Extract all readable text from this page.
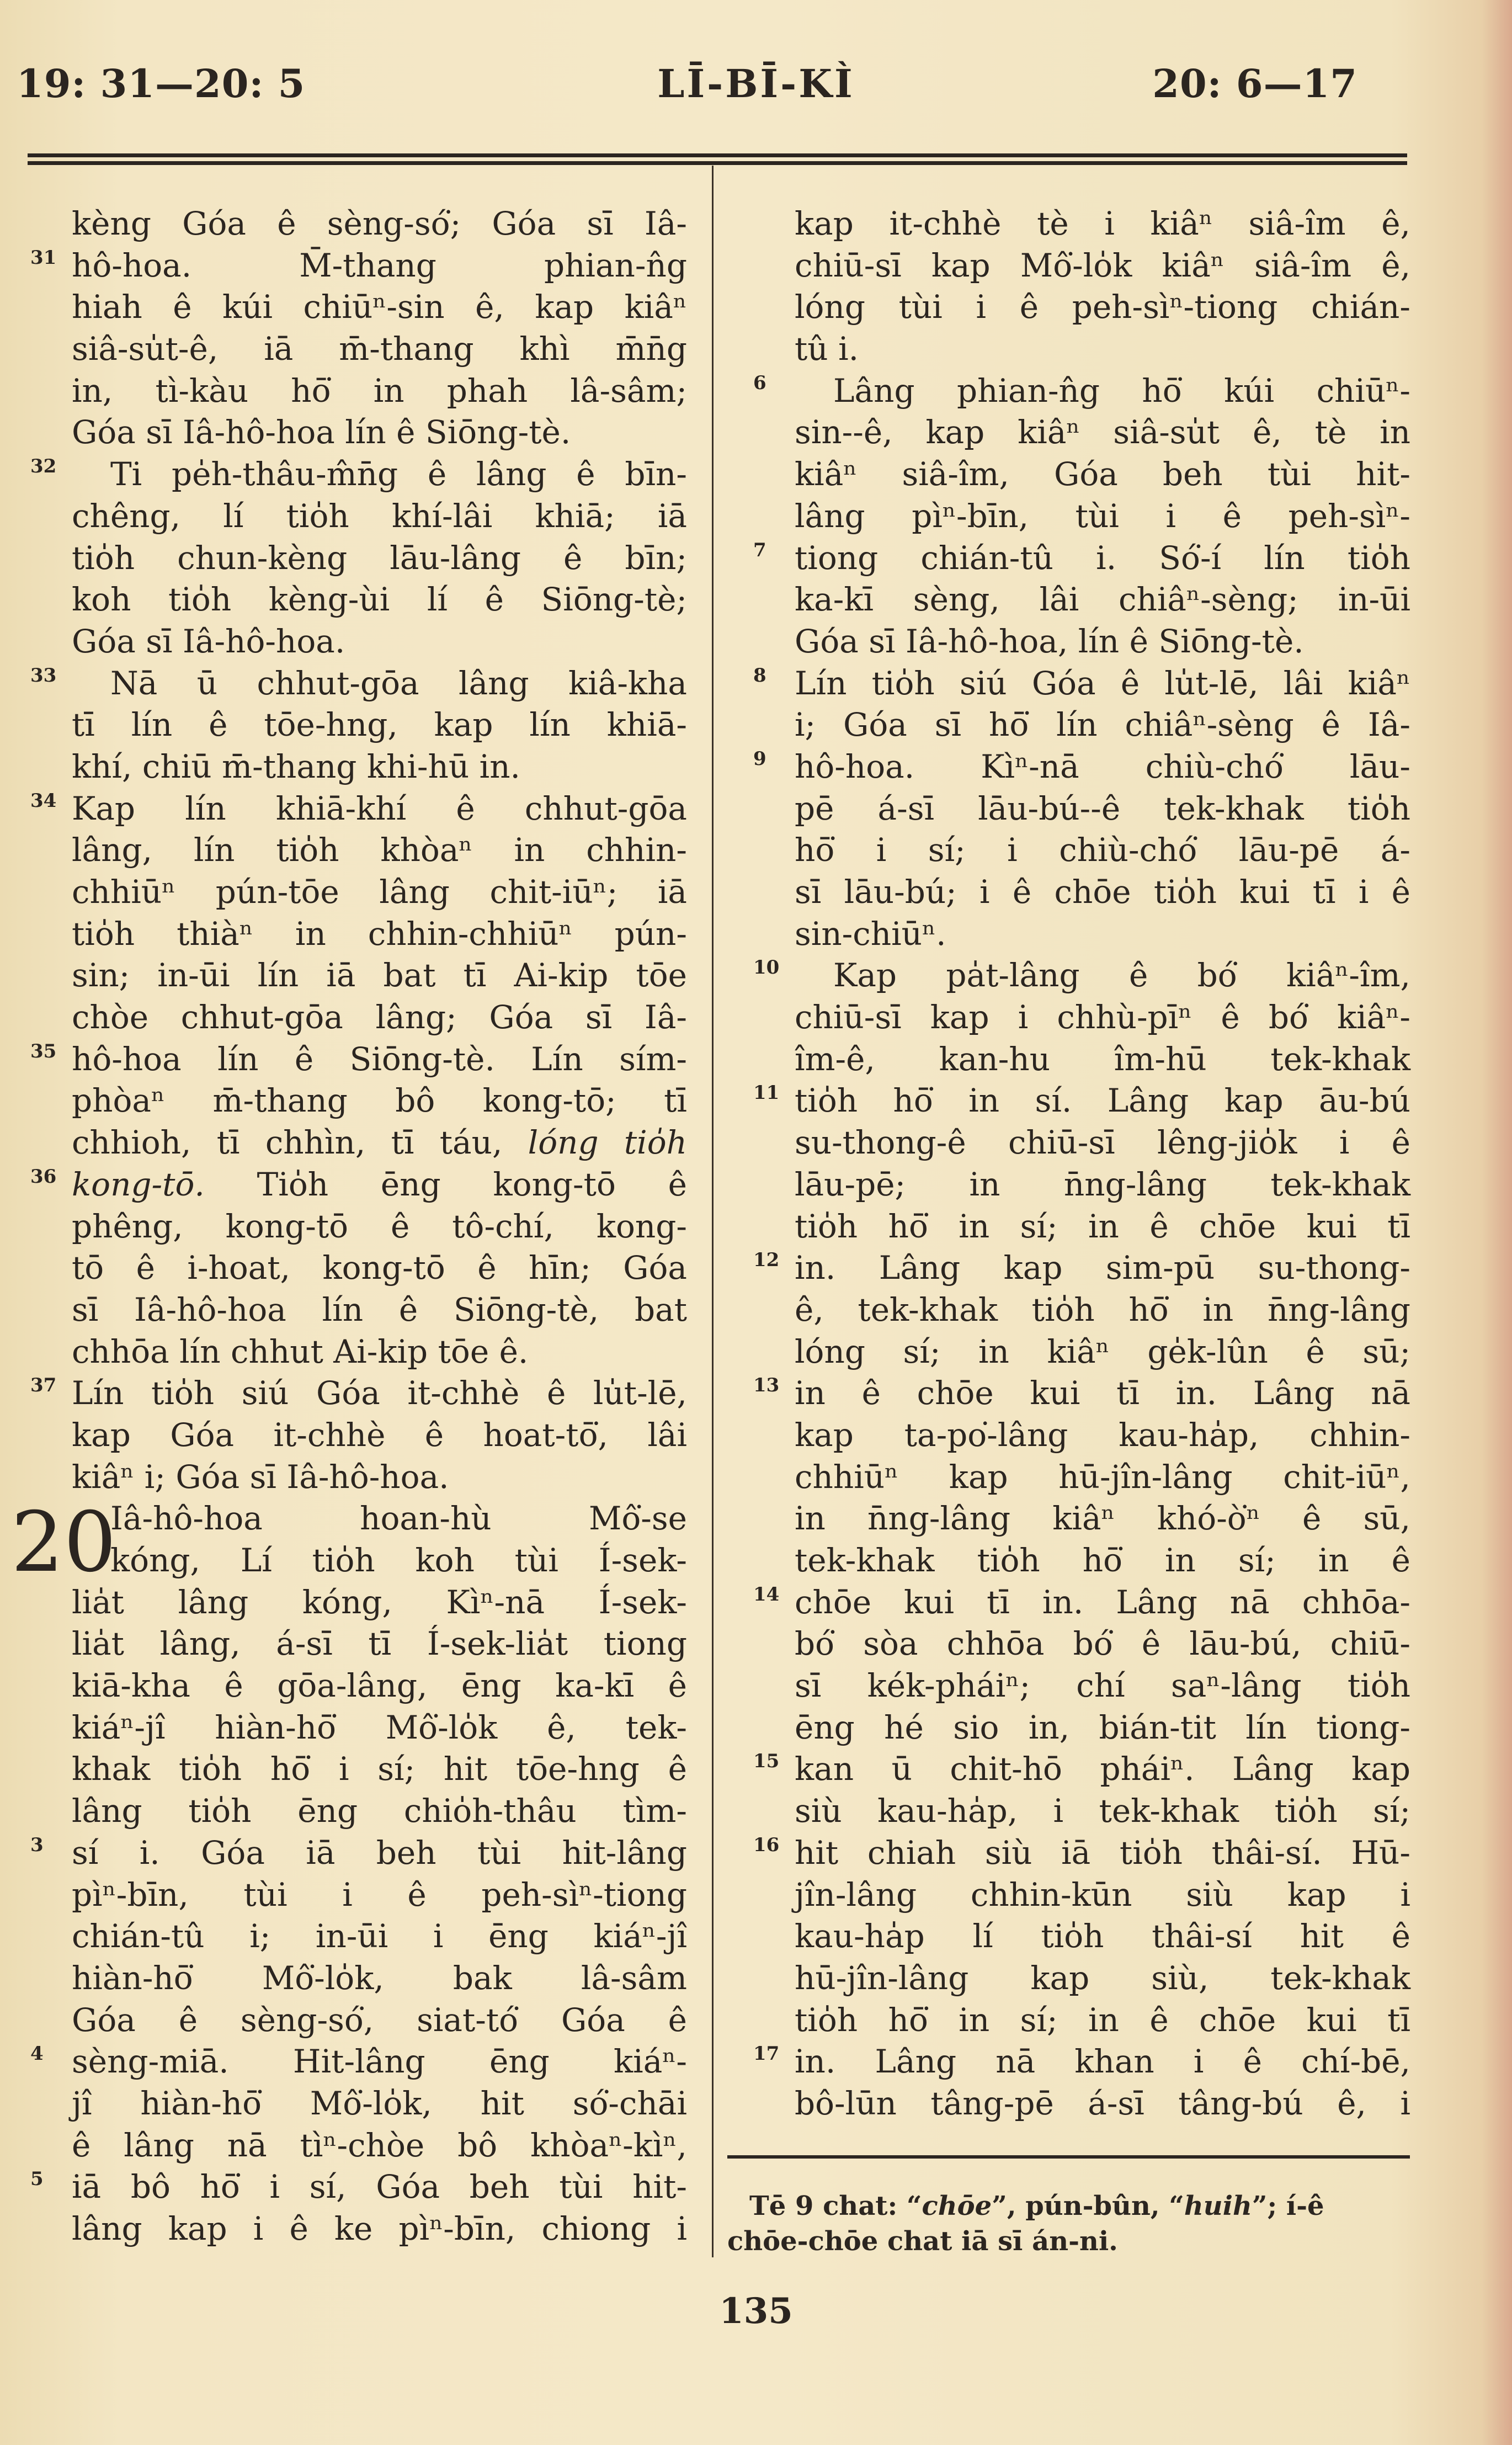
19: 31—20: 5	LĪ-BĪ-KÌ	20: 6—17
kèng Góa ê sèng-só͘; Góa sī Iâ-
31 hô-hoa. M̄-thang phian-n̂g
hiah ê kúi chiūⁿ-sin ê, kap kiâⁿ
siâ-su̍t-ê, iā m̄-thang khì m̄n̄g
in, tì-kàu hō͘ in phah lâ-sâm;
Góa sī Iâ-hô-hoa lín ê Siōng-tè.
32 Ti pe̍h-thâu-m̂n̄g ê lâng ê bīn-
chêng, lí tio̍h khí-lâi khiā; iā
tio̍h chun-kèng lāu-lâng ê bīn;
koh tio̍h kèng-ùi lí ê Siōng-tè;
Góa sī Iâ-hô-hoa.
33 Nā ū chhut-gōa lâng kiâ-kha
tī lín ê tōe-hng, kap lín khiā-
khí, chiū m̄-thang khi-hū in.
34 Kap lín khiā-khí ê chhut-gōa
lâng, lín tio̍h khòaⁿ in chhin-
chhiūⁿ pún-tōe lâng chit-iūⁿ; iā
tio̍h thiàⁿ in chhin-chhiūⁿ pún-
sin; in-ūi lín iā bat tī Ai-kip tōe
chòe chhut-gōa lâng; Góa sī Iâ-
35 hô-hoa lín ê Siōng-tè. Lín sím-
phòaⁿ m̄-thang bô kong-tō; tī
chhioh, tī chhìn, tī táu, lóng tio̍h
36 kong-tō. Tio̍h ēng kong-tō ê
phêng, kong-tō ê tô-chí, kong-
tō ê i-hoat, kong-tō ê hīn; Góa
sī Iâ-hô-hoa lín ê Siōng-tè, bat
chhōa lín chhut Ai-kip tōe ê.
37 Lín tio̍h siú Góa it-chhè ê lu̍t-lē,
kap Góa it-chhè ê hoat-tō͘, lâi
kiâⁿ i; Góa sī Iâ-hô-hoa.
20
Iâ-hô-hoa hoan-hù Mô͘-se
kóng, Lí tio̍h koh tùi Í-sek-
lia̍t lâng kóng, Kìⁿ-nā Í-sek-
lia̍t lâng, á-sī tī Í-sek-lia̍t tiong
kiā-kha ê gōa-lâng, ēng ka-kī ê
kiáⁿ-jî hiàn-hō͘ Mô͘-lo̍k ê, tek-
khak tio̍h hō͘ i sí; hit tōe-hng ê
lâng tio̍h ēng chio̍h-thâu tìm-
3 sí i. Góa iā beh tùi hit-lâng
pìⁿ-bīn, tùi i ê peh-sìⁿ-tiong
chián-tû i; in-ūi i ēng kiáⁿ-jî
hiàn-hō͘ Mô͘-lo̍k, bak lâ-sâm
Góa ê sèng-só͘, siat-tó͘ Góa ê
4 sèng-miā. Hit-lâng ēng kiáⁿ-
jî hiàn-hō͘ Mô͘-lo̍k, hit só͘-chāi
ê lâng nā tìⁿ-chòe bô khòaⁿ-kìⁿ,
5 iā bô hō͘ i sí, Góa beh tùi hit-
lâng kap i ê ke pìⁿ-bīn, chiong i
kap it-chhè tè i kiâⁿ siâ-îm ê,
chiū-sī kap Mô͘-lo̍k kiâⁿ siâ-îm ê,
lóng tùi i ê peh-sìⁿ-tiong chián-
tû i.
6 Lâng phian-n̂g hō͘ kúi chiūⁿ-
sin--ê, kap kiâⁿ siâ-su̍t ê, tè in
kiâⁿ siâ-îm, Góa beh tùi hit-
lâng pìⁿ-bīn, tùi i ê peh-sìⁿ-
7 tiong chián-tû i. Só͘-í lín tio̍h
ka-kī sèng, lâi chiâⁿ-sèng; in-ūi
Góa sī Iâ-hô-hoa, lín ê Siōng-tè.
8 Lín tio̍h siú Góa ê lu̍t-lē, lâi kiâⁿ
i; Góa sī hō͘ lín chiâⁿ-sèng ê Iâ-
9 hô-hoa. Kìⁿ-nā chiù-chó͘ lāu-
pē á-sī lāu-bú--ê tek-khak tio̍h
hō͘ i sí; i chiù-chó͘ lāu-pē á-
sī lāu-bú; i ê chōe tio̍h kui tī i ê
sin-chiūⁿ.
10 Kap pa̍t-lâng ê bó͘ kiâⁿ-îm,
chiū-sī kap i chhù-pīⁿ ê bó͘ kiâⁿ-
îm-ê, kan-hu îm-hū tek-khak
11 tio̍h hō͘ in sí. Lâng kap āu-bú
su-thong-ê chiū-sī lêng-jio̍k i ê
lāu-pē; in n̄ng-lâng tek-khak
tio̍h hō͘ in sí; in ê chōe kui tī
12 in. Lâng kap sim-pū su-thong-
ê, tek-khak tio̍h hō͘ in n̄ng-lâng
lóng sí; in kiâⁿ ge̍k-lûn ê sū;
13 in ê chōe kui tī in. Lâng nā
kap ta-po͘-lâng kau-ha̍p, chhin-
chhiūⁿ kap hū-jîn-lâng chit-iūⁿ,
in n̄ng-lâng kiâⁿ khó-ò͘ⁿ ê sū,
tek-khak tio̍h hō͘ in sí; in ê
14 chōe kui tī in. Lâng nā chhōa-
bó͘ sòa chhōa bó͘ ê lāu-bú, chiū-
sī kék-pháiⁿ; chí saⁿ-lâng tio̍h
ēng hé sio in, bián-tit lín tiong-
15 kan ū chit-hō pháiⁿ. Lâng kap
siù kau-ha̍p, i tek-khak tio̍h sí;
16 hit chiah siù iā tio̍h thâi-sí. Hū-
jîn-lâng chhin-kūn siù kap i
kau-ha̍p lí tio̍h thâi-sí hit ê
hū-jîn-lâng kap siù, tek-khak
tio̍h hō͘ in sí; in ê chōe kui tī
17 in. Lâng nā khan i ê chí-bē,
bô-lūn tâng-pē á-sī tâng-bú ê, i
Tē 9 chat: “chōe”, pún-bûn, “huih”; í-ê
chōe-chōe chat iā sī án-ni.
135
